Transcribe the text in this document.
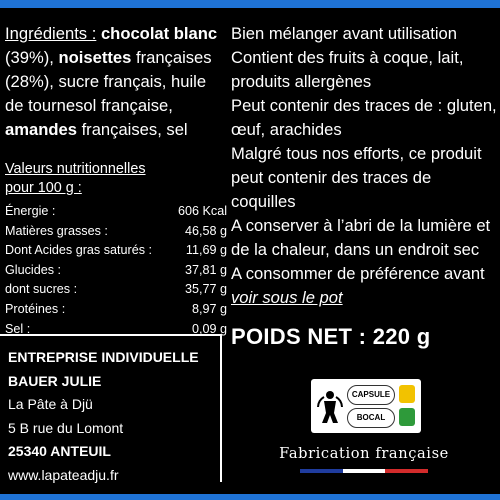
Ingrédients : chocolat blanc (39%), noisettes françaises (28%), sucre français, huile de tournesol française, amandes françaises, sel

Valeurs nutritionnelles
pour 100 g :
Énergie :	606 Kcal
Matières grasses :	46,58 g
Dont Acides gras saturés :	11,69 g
Glucides :	37,81 g
dont sucres :	35,77 g
Protéines :	8,97 g
Sel :	0,09 g
ENTREPRISE INDIVIDUELLE
BAUER JULIE
La Pâte à Djü
5 B rue du Lomont
25340 ANTEUIL
www.lapateadju.fr

Bien mélanger avant utilisation

Contient des fruits à coque, lait, produits allergènes

Peut contenir des traces de : gluten, œuf, arachides

Malgré tous nos efforts, ce produit peut contenir des traces de coquilles

A conserver à l’abri de la lumière et de la chaleur, dans un endroit sec

A consommer de préférence avant

voir sous le pot

POIDS NET : 220 g
CAPSULE
BOCAL
Fabrication française
